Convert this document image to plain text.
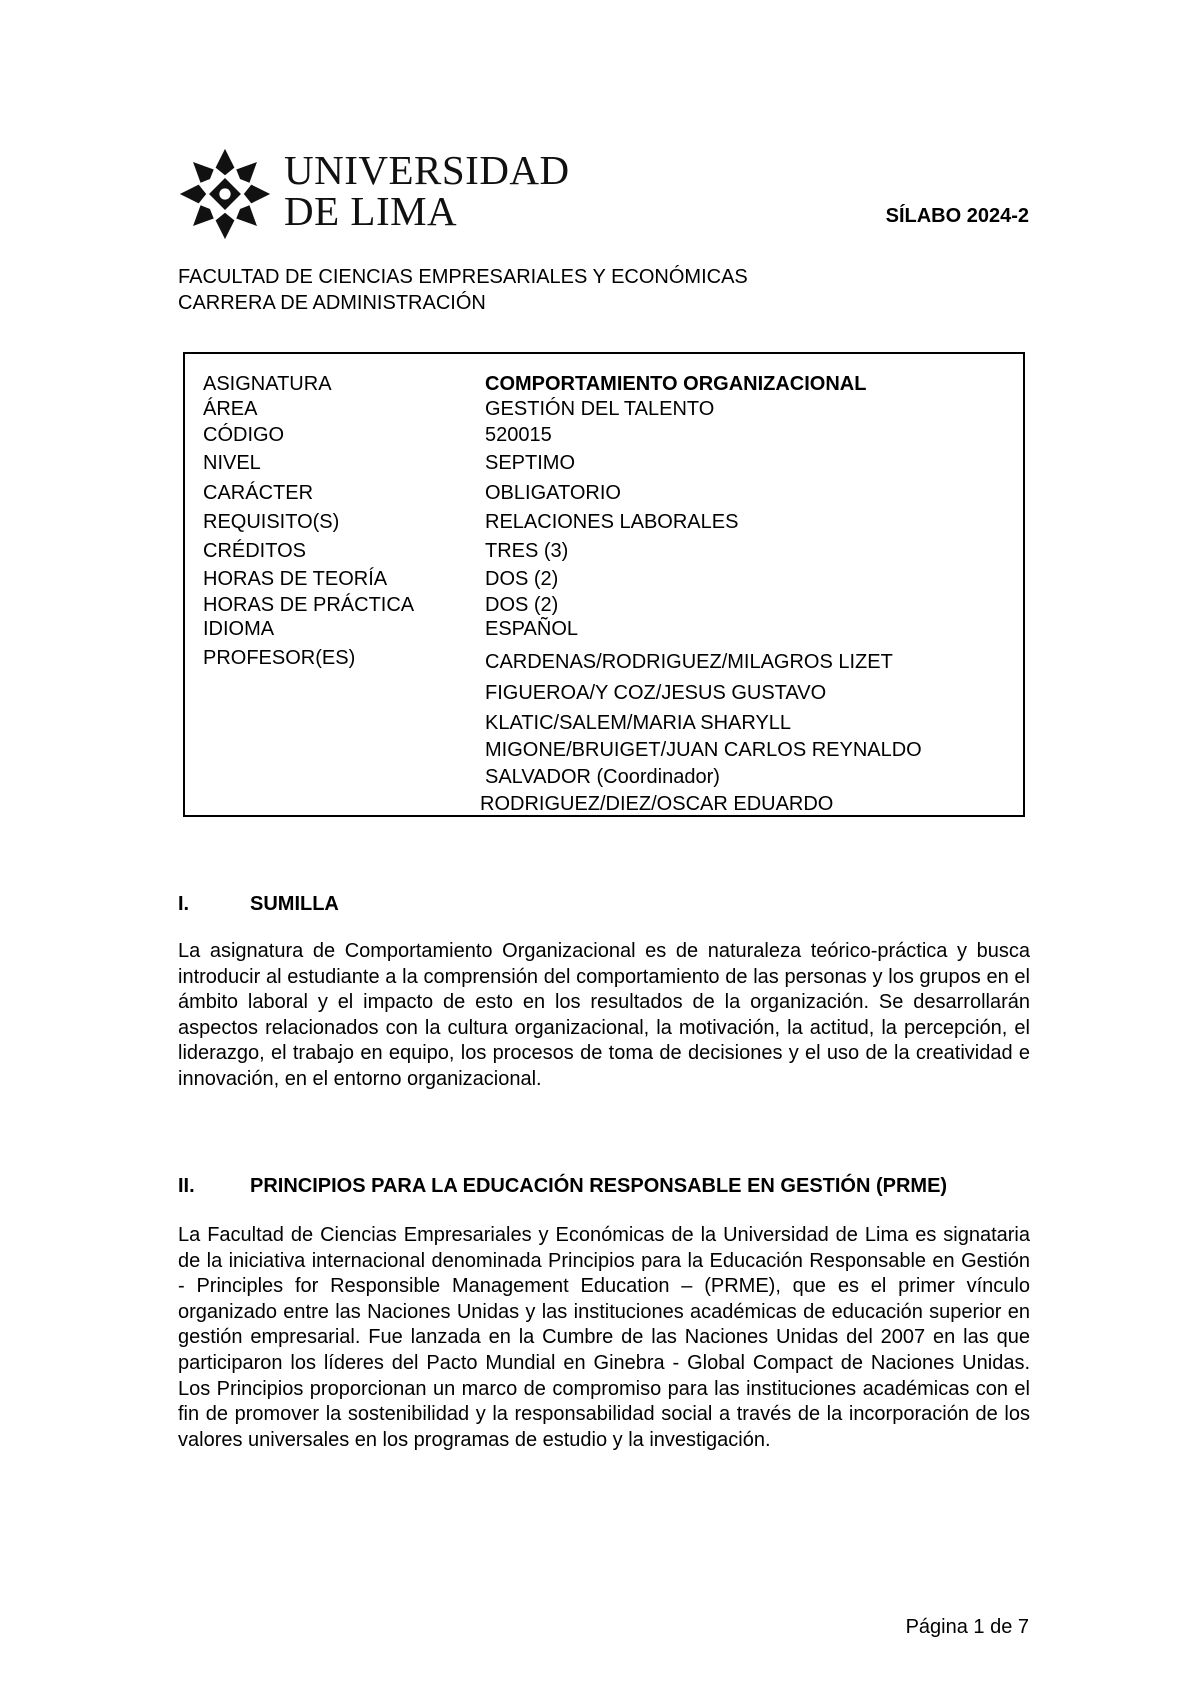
UNIVERSIDAD
DE LIMA	SÍLABO 2024-2
FACULTAD DE CIENCIAS EMPRESARIALES Y ECONÓMICAS
CARRERA DE ADMINISTRACIÓN
ASIGNATURA	COMPORTAMIENTO ORGANIZACIONAL
ÁREA	GESTIÓN DEL TALENTO
CÓDIGO	520015
NIVEL	SEPTIMO
CARÁCTER	OBLIGATORIO
REQUISITO(S)	RELACIONES LABORALES
CRÉDITOS	TRES (3)
HORAS DE TEORÍA	DOS (2)
HORAS DE PRÁCTICA	DOS (2)
IDIOMA	ESPAÑOL
PROFESOR(ES)	CARDENAS/RODRIGUEZ/MILAGROS LIZET
FIGUEROA/Y COZ/JESUS GUSTAVO
KLATIC/SALEM/MARIA SHARYLL
MIGONE/BRUIGET/JUAN CARLOS REYNALDO
SALVADOR (Coordinador)
RODRIGUEZ/DIEZ/OSCAR EDUARDO
I.	SUMILLA
La asignatura de Comportamiento Organizacional es de naturaleza teórico-práctica y busca introducir al estudiante a la comprensión del comportamiento de las personas y los grupos en el ámbito laboral y el impacto de esto en los resultados de la organización. Se desarrollarán aspectos relacionados con la cultura organizacional, la motivación, la actitud, la percepción, el liderazgo, el trabajo en equipo, los procesos de toma de decisiones y el uso de la creatividad e innovación, en el entorno organizacional.
II.	PRINCIPIOS PARA LA EDUCACIÓN RESPONSABLE EN GESTIÓN (PRME)
La Facultad de Ciencias Empresariales y Económicas de la Universidad de Lima es signataria de la iniciativa internacional denominada Principios para la Educación Responsable en Gestión - Principles for Responsible Management Education – (PRME), que es el primer vínculo organizado entre las Naciones Unidas y las instituciones académicas de educación superior en gestión empresarial. Fue lanzada en la Cumbre de las Naciones Unidas del 2007 en las que participaron los líderes del Pacto Mundial en Ginebra - Global Compact de Naciones Unidas. Los Principios proporcionan un marco de compromiso para las instituciones académicas con el fin de promover la sostenibilidad y la responsabilidad social a través de la incorporación de los valores universales en los programas de estudio y la investigación.
Página 1 de 7
